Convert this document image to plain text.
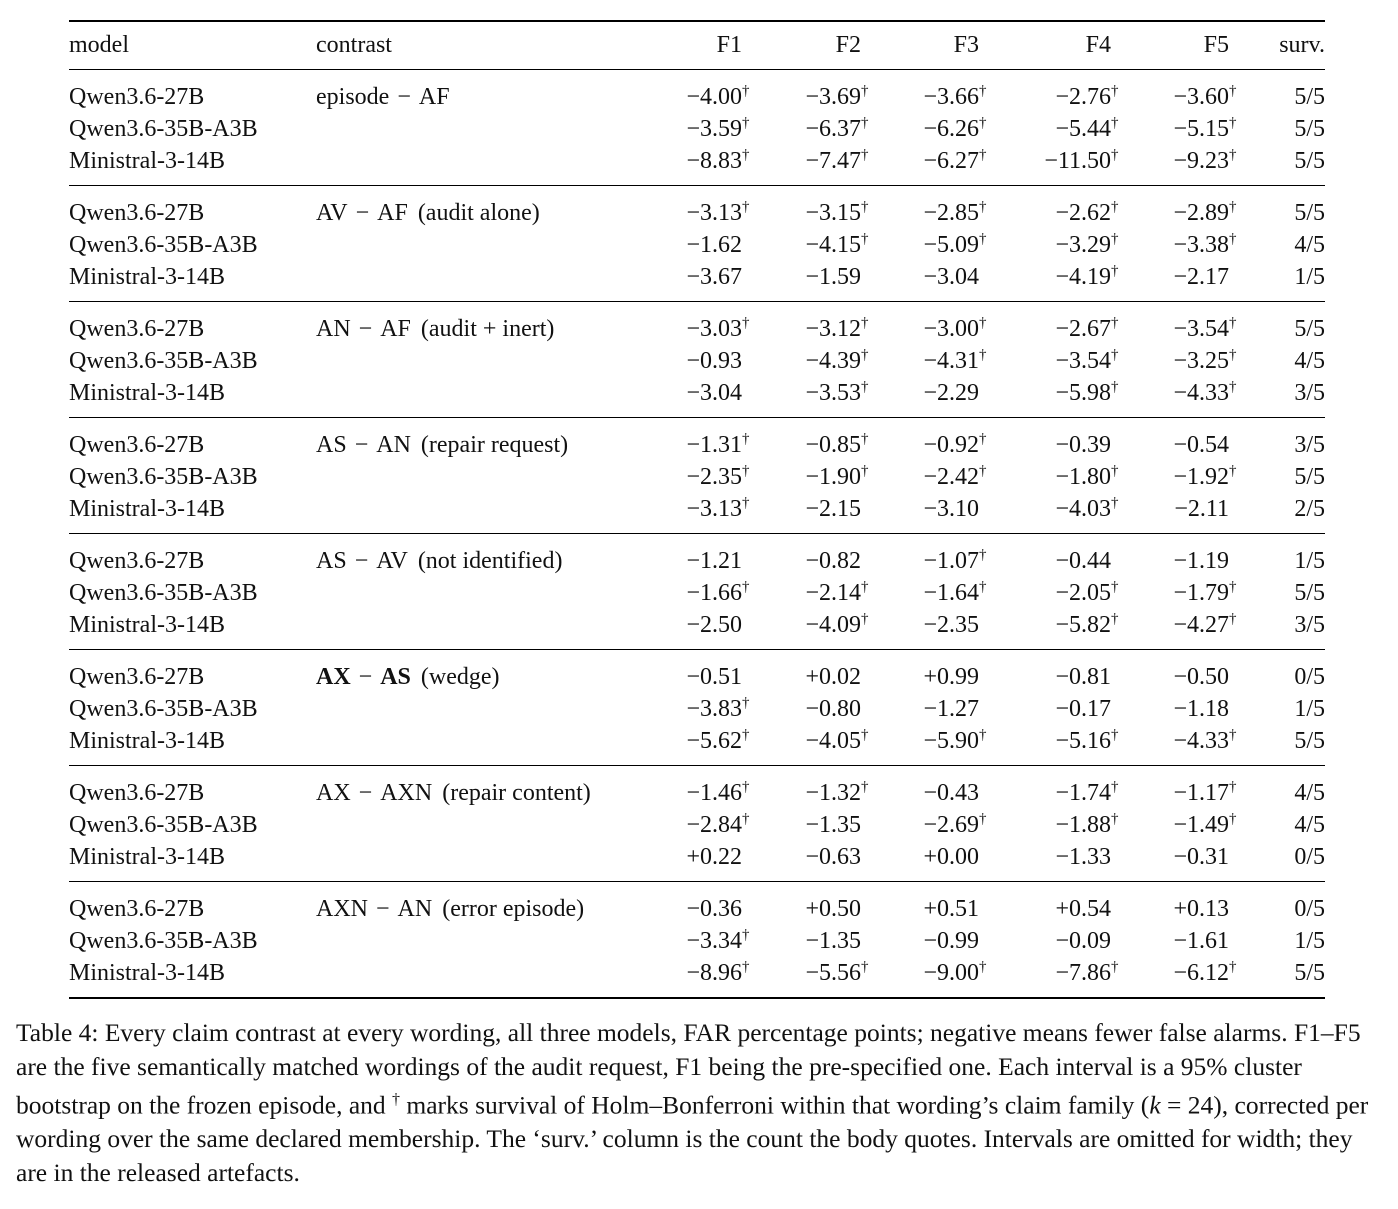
model	contrast	F1	F2	F3	F4	F5	surv.
Qwen3.6-27B	episode − AF	−4.00†	−3.69†	−3.66†	−2.76†	−3.60†	5/5
Qwen3.6-35B-A3B		−3.59†	−6.37†	−6.26†	−5.44†	−5.15†	5/5
Ministral-3-14B		−8.83†	−7.47†	−6.27†	−11.50†	−9.23†	5/5
Qwen3.6-27B	AV − AF (audit alone)	−3.13†	−3.15†	−2.85†	−2.62†	−2.89†	5/5
Qwen3.6-35B-A3B		−1.62	−4.15†	−5.09†	−3.29†	−3.38†	4/5
Ministral-3-14B		−3.67	−1.59	−3.04	−4.19†	−2.17	1/5
Qwen3.6-27B	AN − AF (audit + inert)	−3.03†	−3.12†	−3.00†	−2.67†	−3.54†	5/5
Qwen3.6-35B-A3B		−0.93	−4.39†	−4.31†	−3.54†	−3.25†	4/5
Ministral-3-14B		−3.04	−3.53†	−2.29	−5.98†	−4.33†	3/5
Qwen3.6-27B	AS − AN (repair request)	−1.31†	−0.85†	−0.92†	−0.39	−0.54	3/5
Qwen3.6-35B-A3B		−2.35†	−1.90†	−2.42†	−1.80†	−1.92†	5/5
Ministral-3-14B		−3.13†	−2.15	−3.10	−4.03†	−2.11	2/5
Qwen3.6-27B	AS − AV (not identified)	−1.21	−0.82	−1.07†	−0.44	−1.19	1/5
Qwen3.6-35B-A3B		−1.66†	−2.14†	−1.64†	−2.05†	−1.79†	5/5
Ministral-3-14B		−2.50	−4.09†	−2.35	−5.82†	−4.27†	3/5
Qwen3.6-27B	AX − AS (wedge)	−0.51	+0.02	+0.99	−0.81	−0.50	0/5
Qwen3.6-35B-A3B		−3.83†	−0.80	−1.27	−0.17	−1.18	1/5
Ministral-3-14B		−5.62†	−4.05†	−5.90†	−5.16†	−4.33†	5/5
Qwen3.6-27B	AX − AXN (repair content)	−1.46†	−1.32†	−0.43	−1.74†	−1.17†	4/5
Qwen3.6-35B-A3B		−2.84†	−1.35	−2.69†	−1.88†	−1.49†	4/5
Ministral-3-14B		+0.22	−0.63	+0.00	−1.33	−0.31	0/5
Qwen3.6-27B	AXN − AN (error episode)	−0.36	+0.50	+0.51	+0.54	+0.13	0/5
Qwen3.6-35B-A3B		−3.34†	−1.35	−0.99	−0.09	−1.61	1/5
Ministral-3-14B		−8.96†	−5.56†	−9.00†	−7.86†	−6.12†	5/5

Table 4: Every claim contrast at every wording, all three models, FAR percentage points; negative means fewer false alarms. F1–F5 are the five semantically matched wordings of the audit request, F1 being the pre-specified one. Each interval is a 95% cluster bootstrap on the frozen episode, and † marks survival of Holm–Bonferroni within that wording’s claim family (k = 24), corrected per wording over the same declared membership. The ‘surv.’ column is the count the body quotes. Intervals are omitted for width; they are in the released artefacts.
